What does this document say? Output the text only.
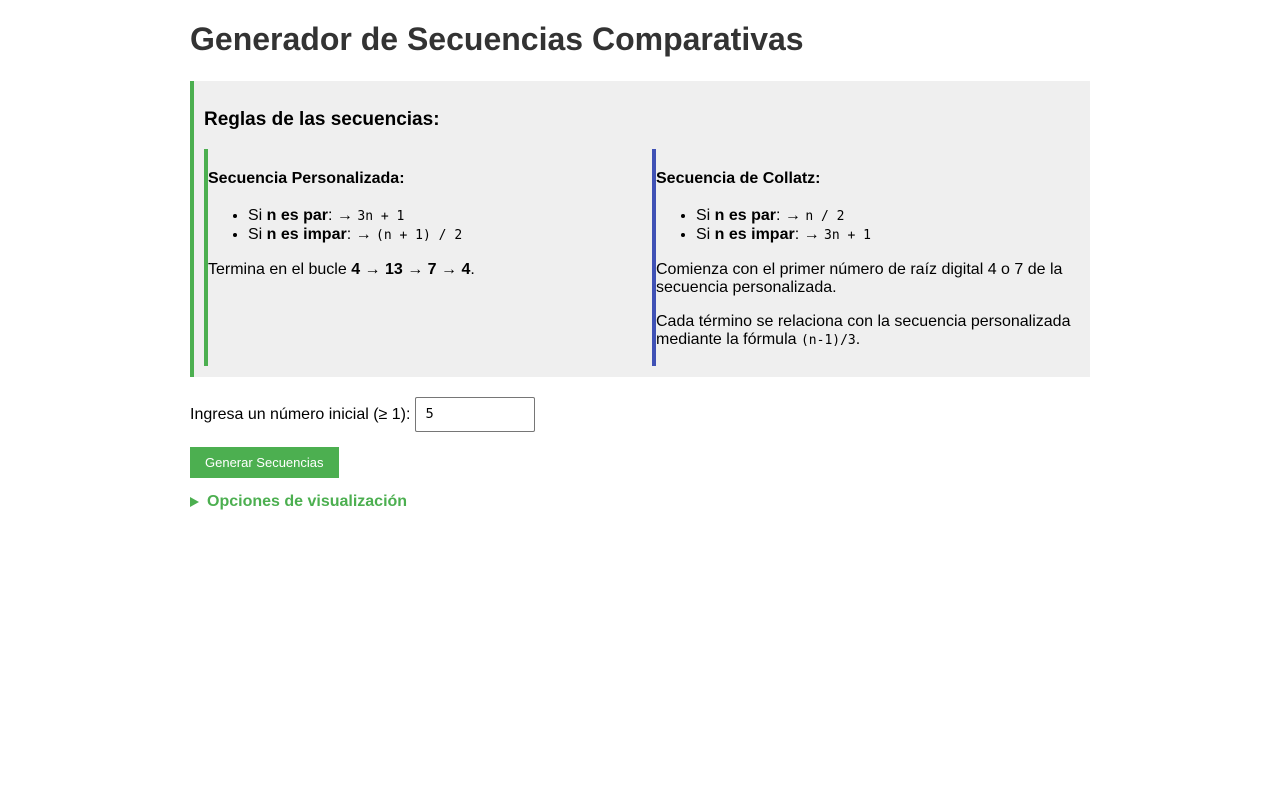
Generador de Secuencias Comparativas
Reglas de las secuencias:
Secuencia Personalizada:
• Si n es par: → 3n + 1
• Si n es impar: → (n + 1) / 2

Termina en el bucle 4 → 13 → 7 → 4.

Secuencia de Collatz:
• Si n es par: → n / 2
• Si n es impar: → 3n + 1

Comienza con el primer número de raíz digital 4 o 7 de la secuencia personalizada.

Cada término se relaciona con la secuencia personalizada mediante la fórmula (n-1)/3.

Ingresa un número inicial (≥ 1):	5
Generar Secuencias
Opciones de visualización
